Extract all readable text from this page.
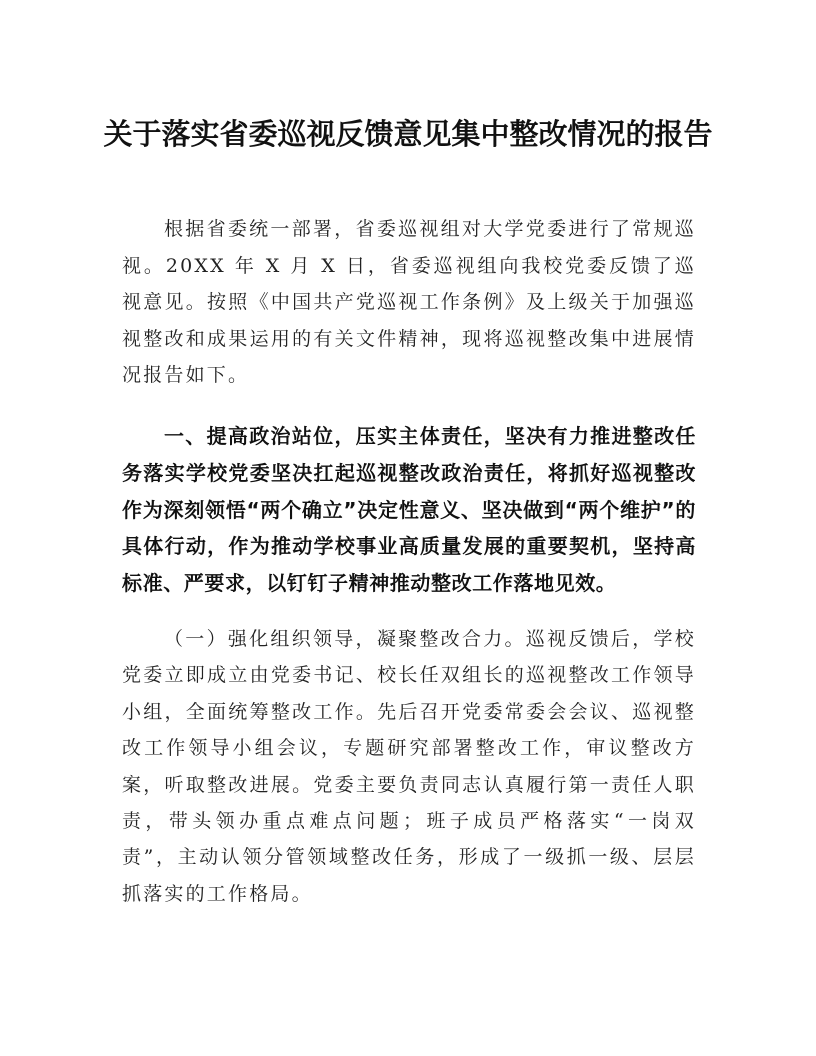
关于落实省委巡视反馈意见集中整改情况的报告

根据省委统一部署，省委巡视组对大学党委进行了常规巡视。20XX 年 X 月 X 日，省委巡视组向我校党委反馈了巡视意见。按照《中国共产党巡视工作条例》及上级关于加强巡视整改和成果运用的有关文件精神，现将巡视整改集中进展情况报告如下。

一、提高政治站位，压实主体责任，坚决有力推进整改任务落实学校党委坚决扛起巡视整改政治责任，将抓好巡视整改作为深刻领悟“两个确立”决定性意义、坚决做到“两个维护”的具体行动，作为推动学校事业高质量发展的重要契机，坚持高标准、严要求，以钉钉子精神推动整改工作落地见效。

（一）强化组织领导，凝聚整改合力。巡视反馈后，学校党委立即成立由党委书记、校长任双组长的巡视整改工作领导小组，全面统筹整改工作。先后召开党委常委会会议、巡视整改工作领导小组会议，专题研究部署整改工作，审议整改方案，听取整改进展。党委主要负责同志认真履行第一责任人职责，带头领办重点难点问题；班子成员严格落实“一岗双责”，主动认领分管领域整改任务，形成了一级抓一级、层层抓落实的工作格局。
